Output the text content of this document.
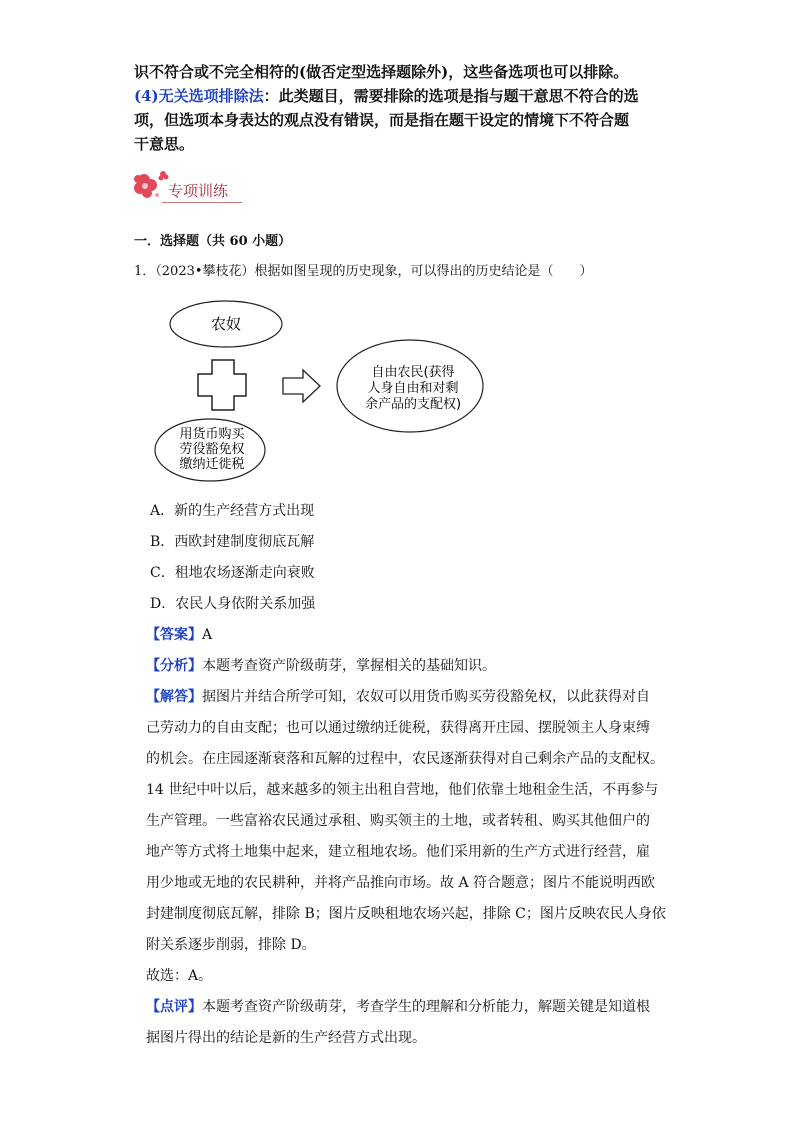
识不符合或不完全相符的(做否定型选择题除外)，这些备选项也可以排除。
(4)无关选项排除法：此类题目，需要排除的选项是指与题干意思不符合的选
项，但选项本身表达的观点没有错误，而是指在题干设定的情境下不符合题
干意思。
专项训练
一．选择题（共 60 小题）
1．（2023•攀枝花）根据如图呈现的历史现象，可以得出的历史结论是（　　）
农奴
自由农民(获得
人身自由和对剩
余产品的支配权)
用货币购买
劳役豁免权
缴纳迁徙税
A．新的生产经营方式出现
B．西欧封建制度彻底瓦解
C．租地农场逐渐走向衰败
D．农民人身依附关系加强
【答案】A
【分析】本题考查资产阶级萌芽，掌握相关的基础知识。
【解答】据图片并结合所学可知，农奴可以用货币购买劳役豁免权，以此获得对自
己劳动力的自由支配；也可以通过缴纳迁徙税，获得离开庄园、摆脱领主人身束缚
的机会。在庄园逐渐衰落和瓦解的过程中，农民逐渐获得对自己剩余产品的支配权。
14 世纪中叶以后，越来越多的领主出租自营地，他们依靠土地租金生活，不再参与
生产管理。一些富裕农民通过承租、购买领主的土地，或者转租、购买其他佃户的
地产等方式将土地集中起来，建立租地农场。他们采用新的生产方式进行经营，雇
用少地或无地的农民耕种，并将产品推向市场。故 A 符合题意；图片不能说明西欧
封建制度彻底瓦解，排除 B；图片反映租地农场兴起，排除 C；图片反映农民人身依
附关系逐步削弱，排除 D。
故选：A。
【点评】本题考查资产阶级萌芽，考查学生的理解和分析能力，解题关键是知道根
据图片得出的结论是新的生产经营方式出现。
